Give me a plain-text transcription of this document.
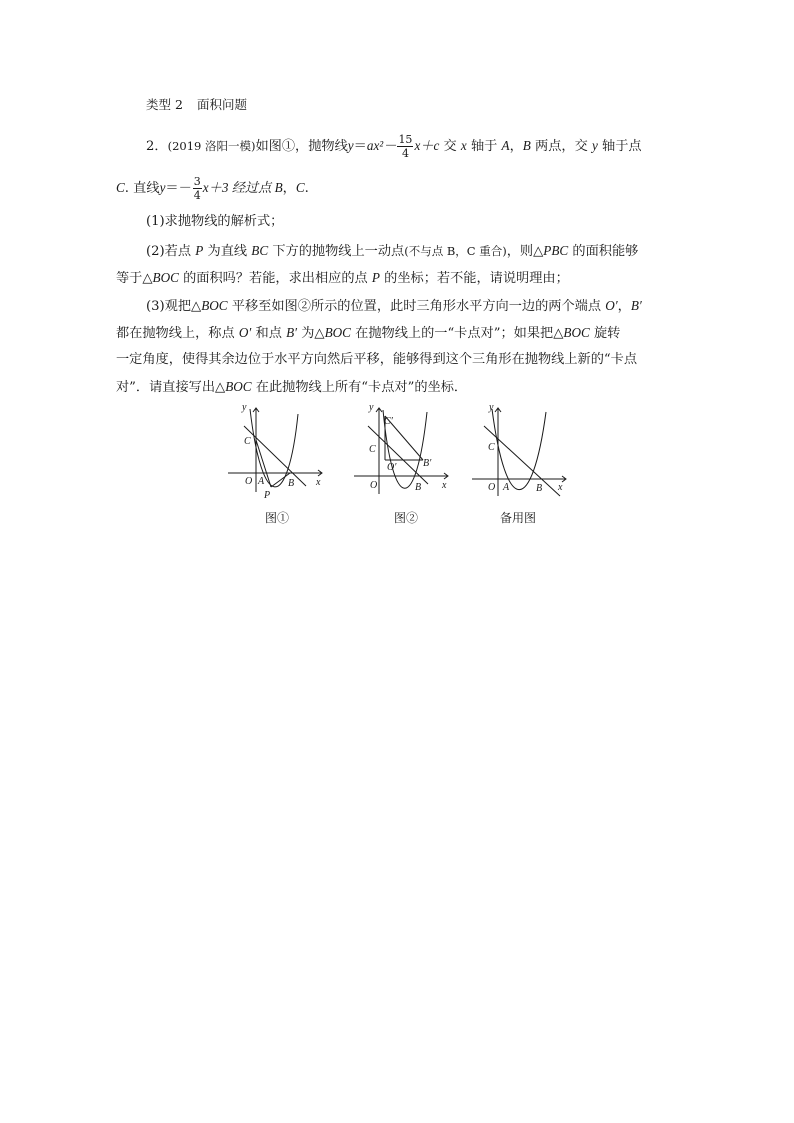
类型 2 面积问题
2．(2019 洛阳一模)如图①，抛物线$y=ax^2- \frac{15}{4} x+c$ 交 x 轴于 A，B 两点，交 y 轴于点
C. 直线$y=- \frac{3}{4} x+3$ 经过点 B，C.
(1)求抛物线的解析式；
(2)若点 P 为直线 BC 下方的抛物线上一动点(不与点 B，C 重合)，则△PBC 的面积能够
等于△BOC 的面积吗？若能，求出相应的点 P 的坐标；若不能，请说明理由；
(3)观把△BOC 平移至如图②所示的位置，此时三角形水平方向一边的两个端点 O′，B′
都在抛物线上，称点 O′ 和点 B′ 为△BOC 在抛物线上的一“卡点对”；如果把△BOC 旋转
一定角度，使得其余边位于水平方向然后平移，能够得到这个三角形在抛物线上新的“卡点
对”．请直接写出△BOC 在此抛物线上所有“卡点对”的坐标．
y
x
C
O A B
P
图①
y
x
C′
C
O′	B′
O	B
图②
y
x
C
O A	B
备用图
